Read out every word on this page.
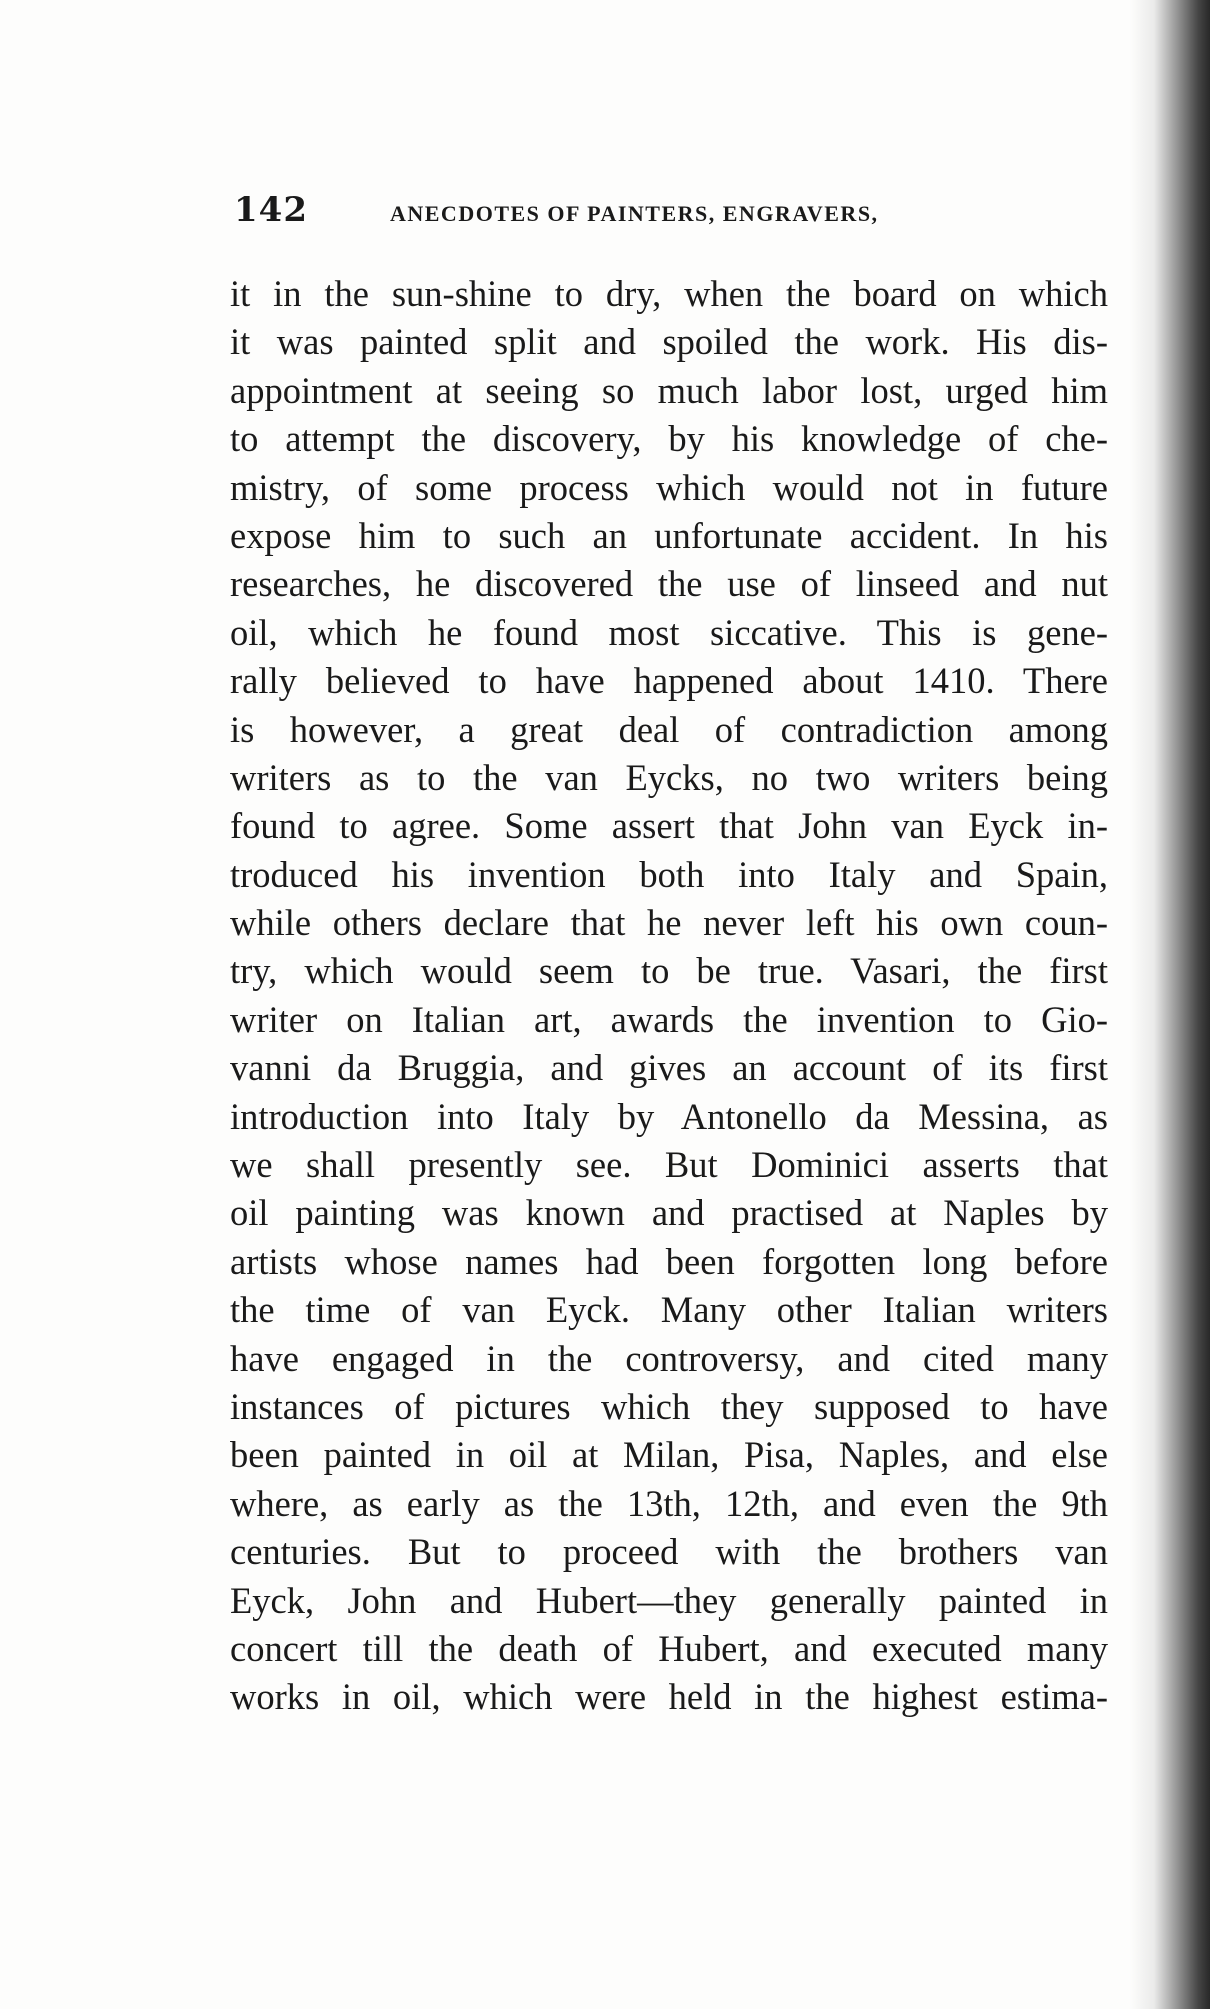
142	ANECDOTES OF PAINTERS, ENGRAVERS,
it in the sun-shine to dry, when the board on which
it was painted split and spoiled the work. His dis-
appointment at seeing so much labor lost, urged him
to attempt the discovery, by his knowledge of che-
mistry, of some process which would not in future
expose him to such an unfortunate accident. In his
researches, he discovered the use of linseed and nut
oil, which he found most siccative. This is gene-
rally believed to have happened about 1410. There
is however, a great deal of contradiction among
writers as to the van Eycks, no two writers being
found to agree. Some assert that John van Eyck in-
troduced his invention both into Italy and Spain,
while others declare that he never left his own coun-
try, which would seem to be true. Vasari, the first
writer on Italian art, awards the invention to Gio-
vanni da Bruggia, and gives an account of its first
introduction into Italy by Antonello da Messina, as
we shall presently see. But Dominici asserts that
oil painting was known and practised at Naples by
artists whose names had been forgotten long before
the time of van Eyck. Many other Italian writers
have engaged in the controversy, and cited many
instances of pictures which they supposed to have
been painted in oil at Milan, Pisa, Naples, and else
where, as early as the 13th, 12th, and even the 9th
centuries. But to proceed with the brothers van
Eyck, John and Hubert—they generally painted in
concert till the death of Hubert, and executed many
works in oil, which were held in the highest estima-
